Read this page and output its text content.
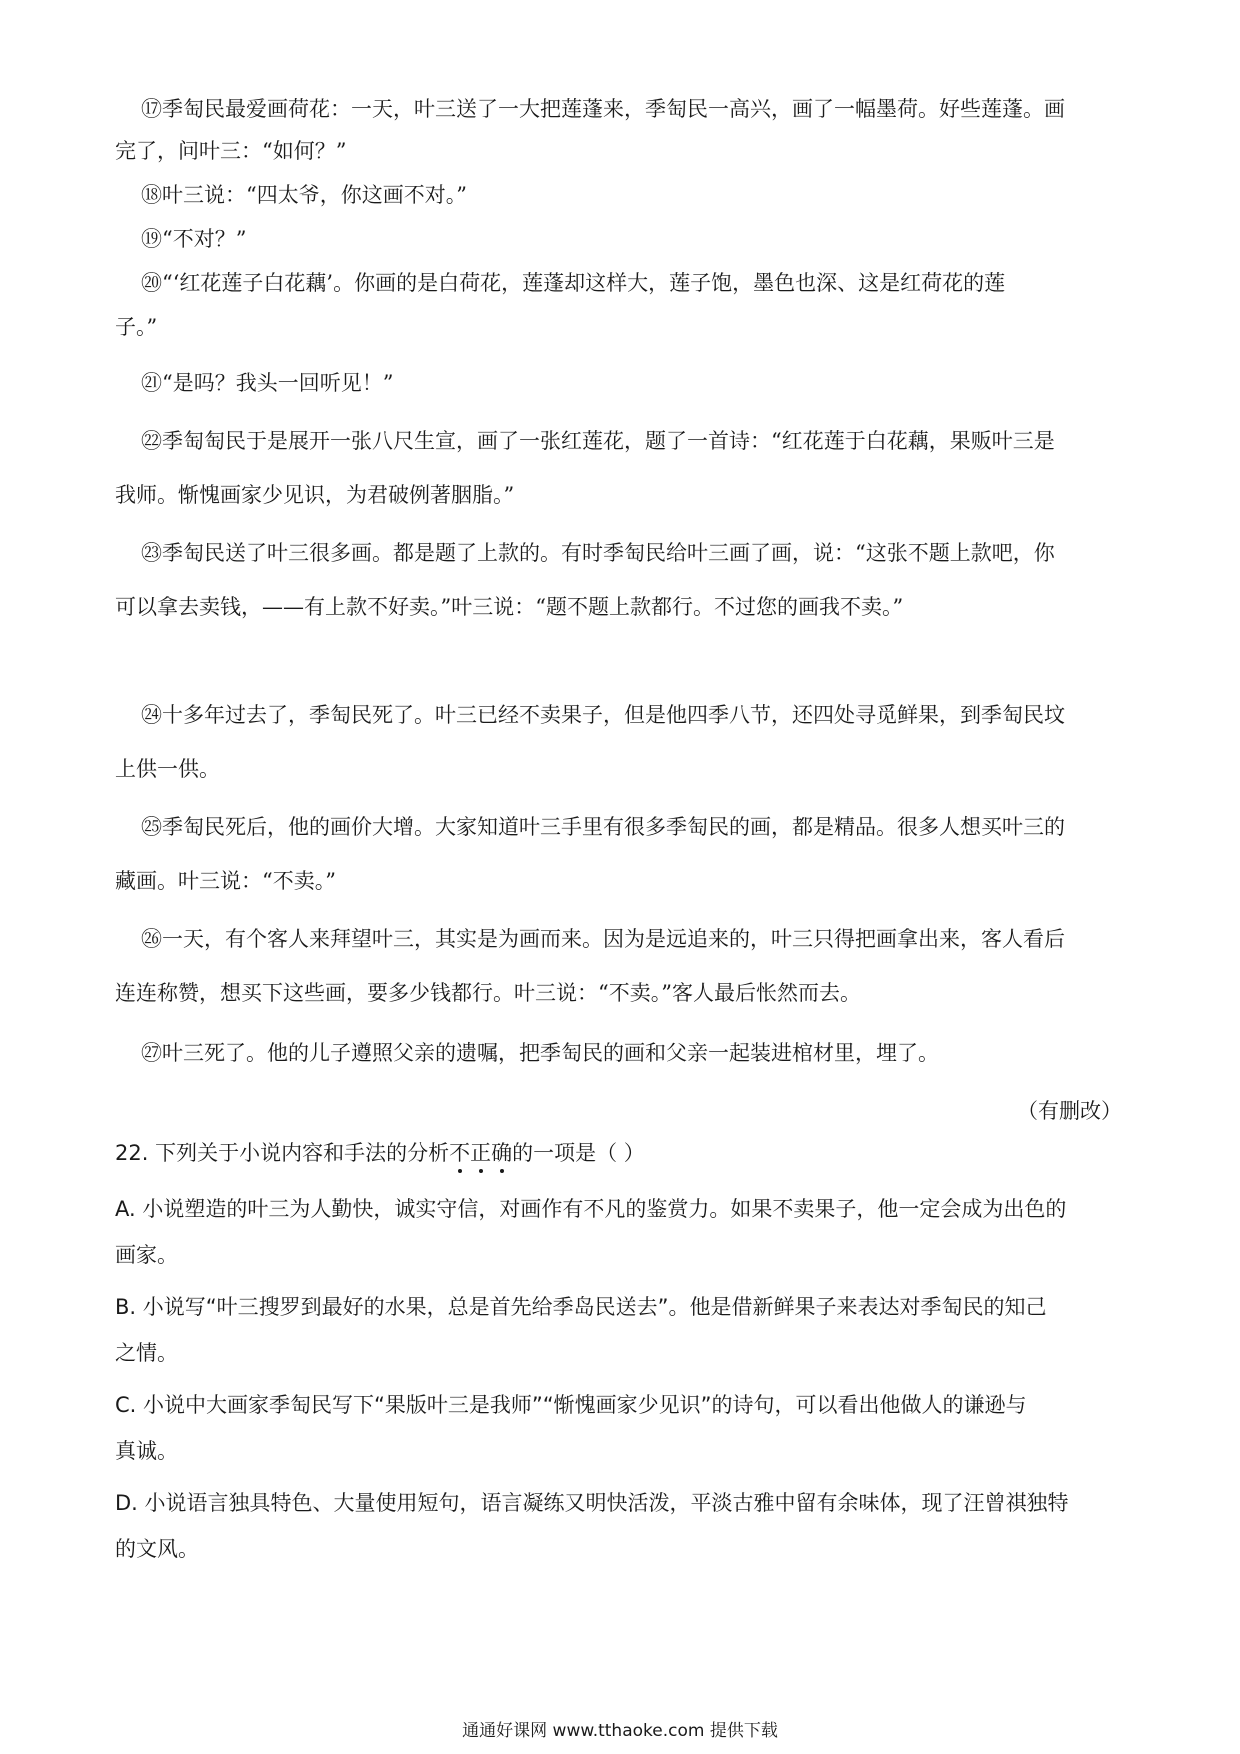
⑰季匋民最爱画荷花：一天，叶三送了一大把莲蓬来，季匋民一高兴，画了一幅墨荷。好些莲蓬。画
完了，问叶三：“如何？”
⑱叶三说：“四太爷，你这画不对。”
⑲“不对？”
⑳“‘红花莲子白花藕’。你画的是白荷花，莲蓬却这样大，莲子饱，墨色也深、这是红荷花的莲
子。”
㉑“是吗？我头一回听见！”
㉒季匋匋民于是展开一张八尺生宣，画了一张红莲花，题了一首诗：“红花莲于白花藕，果贩叶三是
我师。惭愧画家少见识，为君破例著胭脂。”
㉓季匋民送了叶三很多画。都是题了上款的。有时季匋民给叶三画了画，说：“这张不题上款吧，你
可以拿去卖钱，——有上款不好卖。”叶三说：“题不题上款都行。不过您的画我不卖。”
㉔十多年过去了，季匋民死了。叶三已经不卖果子，但是他四季八节，还四处寻觅鲜果，到季匋民坟
上供一供。
㉕季匋民死后，他的画价大增。大家知道叶三手里有很多季匋民的画，都是精品。很多人想买叶三的
藏画。叶三说：“不卖。”
㉖一天，有个客人来拜望叶三，其实是为画而来。因为是远追来的，叶三只得把画拿出来，客人看后
连连称赞，想买下这些画，要多少钱都行。叶三说：“不卖。”客人最后怅然而去。
㉗叶三死了。他的儿子遵照父亲的遗嘱，把季匋民的画和父亲一起装进棺材里，埋了。
（有删改）
22. 下列关于小说内容和手法的分析不正确的一项是（ ）
A. 小说塑造的叶三为人勤快，诚实守信，对画作有不凡的鉴赏力。如果不卖果子，他一定会成为出色的
画家。
B. 小说写“叶三搜罗到最好的水果，总是首先给季岛民送去”。他是借新鲜果子来表达对季匋民的知己
之情。
C. 小说中大画家季匋民写下“果版叶三是我师”“惭愧画家少见识”的诗句，可以看出他做人的谦逊与
真诚。
D. 小说语言独具特色、大量使用短句，语言凝练又明快活泼，平淡古雅中留有余味体，现了汪曾祺独特
的文风。
通通好课网 www.tthaoke.com 提供下载
